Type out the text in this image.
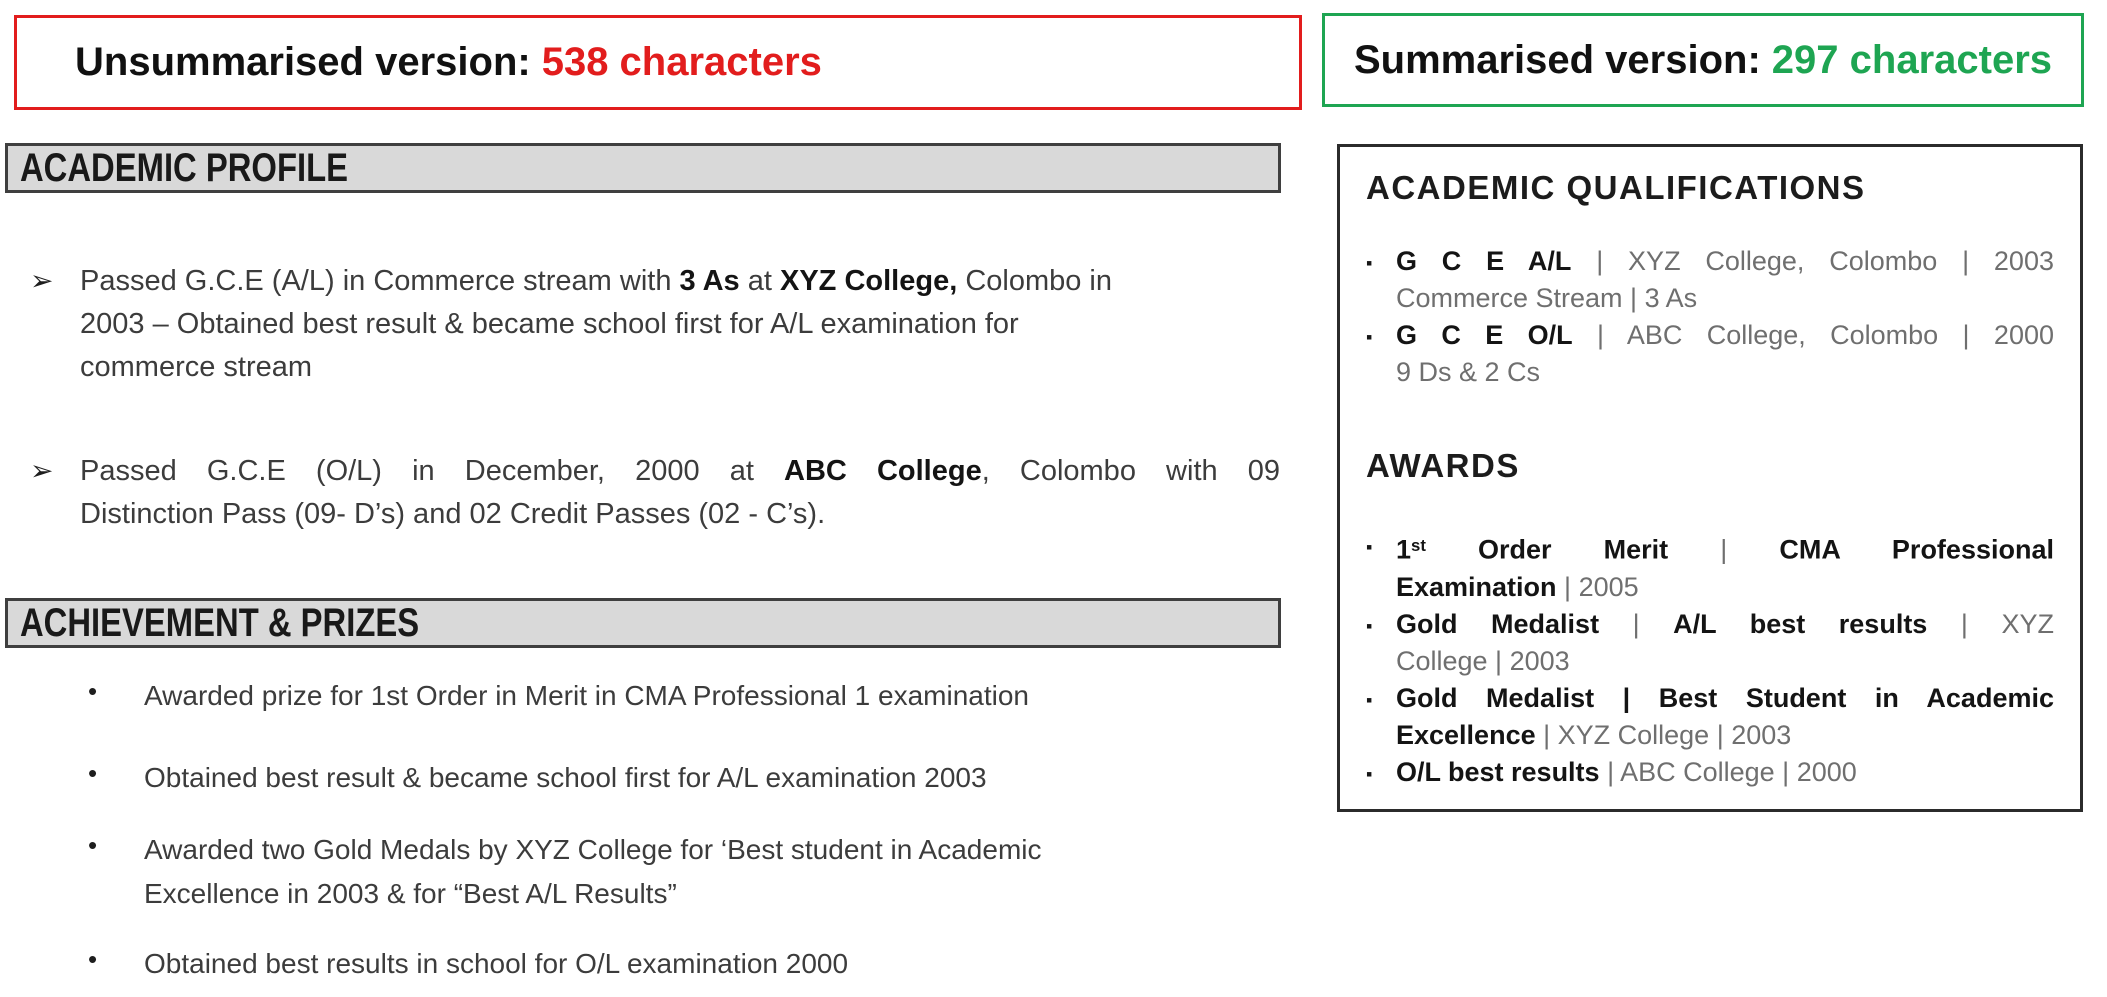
Unsummarised version: 538 characters	Summarised version: 297 characters
ACADEMIC PROFILE
➢ Passed G.C.E (A/L) in Commerce stream with 3 As at XYZ College, Colombo in
2003 – Obtained best result & became school first for A/L examination for
commerce stream
➢ Passed G.C.E (O/L) in December, 2000 at ABC College, Colombo with 09
Distinction Pass (09- D’s) and 02 Credit Passes (02 - C’s).
ACHIEVEMENT & PRIZES
•	Awarded prize for 1st Order in Merit in CMA Professional 1 examination
•	Obtained best result & became school first for A/L examination 2003
•	Awarded two Gold Medals by XYZ College for ‘Best student in Academic
Excellence in 2003 & for “Best A/L Results”
•	Obtained best results in school for O/L examination 2000
ACADEMIC QUALIFICATIONS
▪ G C E A/L | XYZ College, Colombo | 2003
Commerce Stream | 3 As
▪ G C E O/L | ABC College, Colombo | 2000
9 Ds & 2 Cs
AWARDS
▪ 1st Order Merit | CMA Professional
Examination | 2005
▪ Gold Medalist | A/L best results | XYZ
College | 2003
▪ Gold Medalist | Best Student in Academic
Excellence | XYZ College | 2003
▪ O/L best results | ABC College | 2000
